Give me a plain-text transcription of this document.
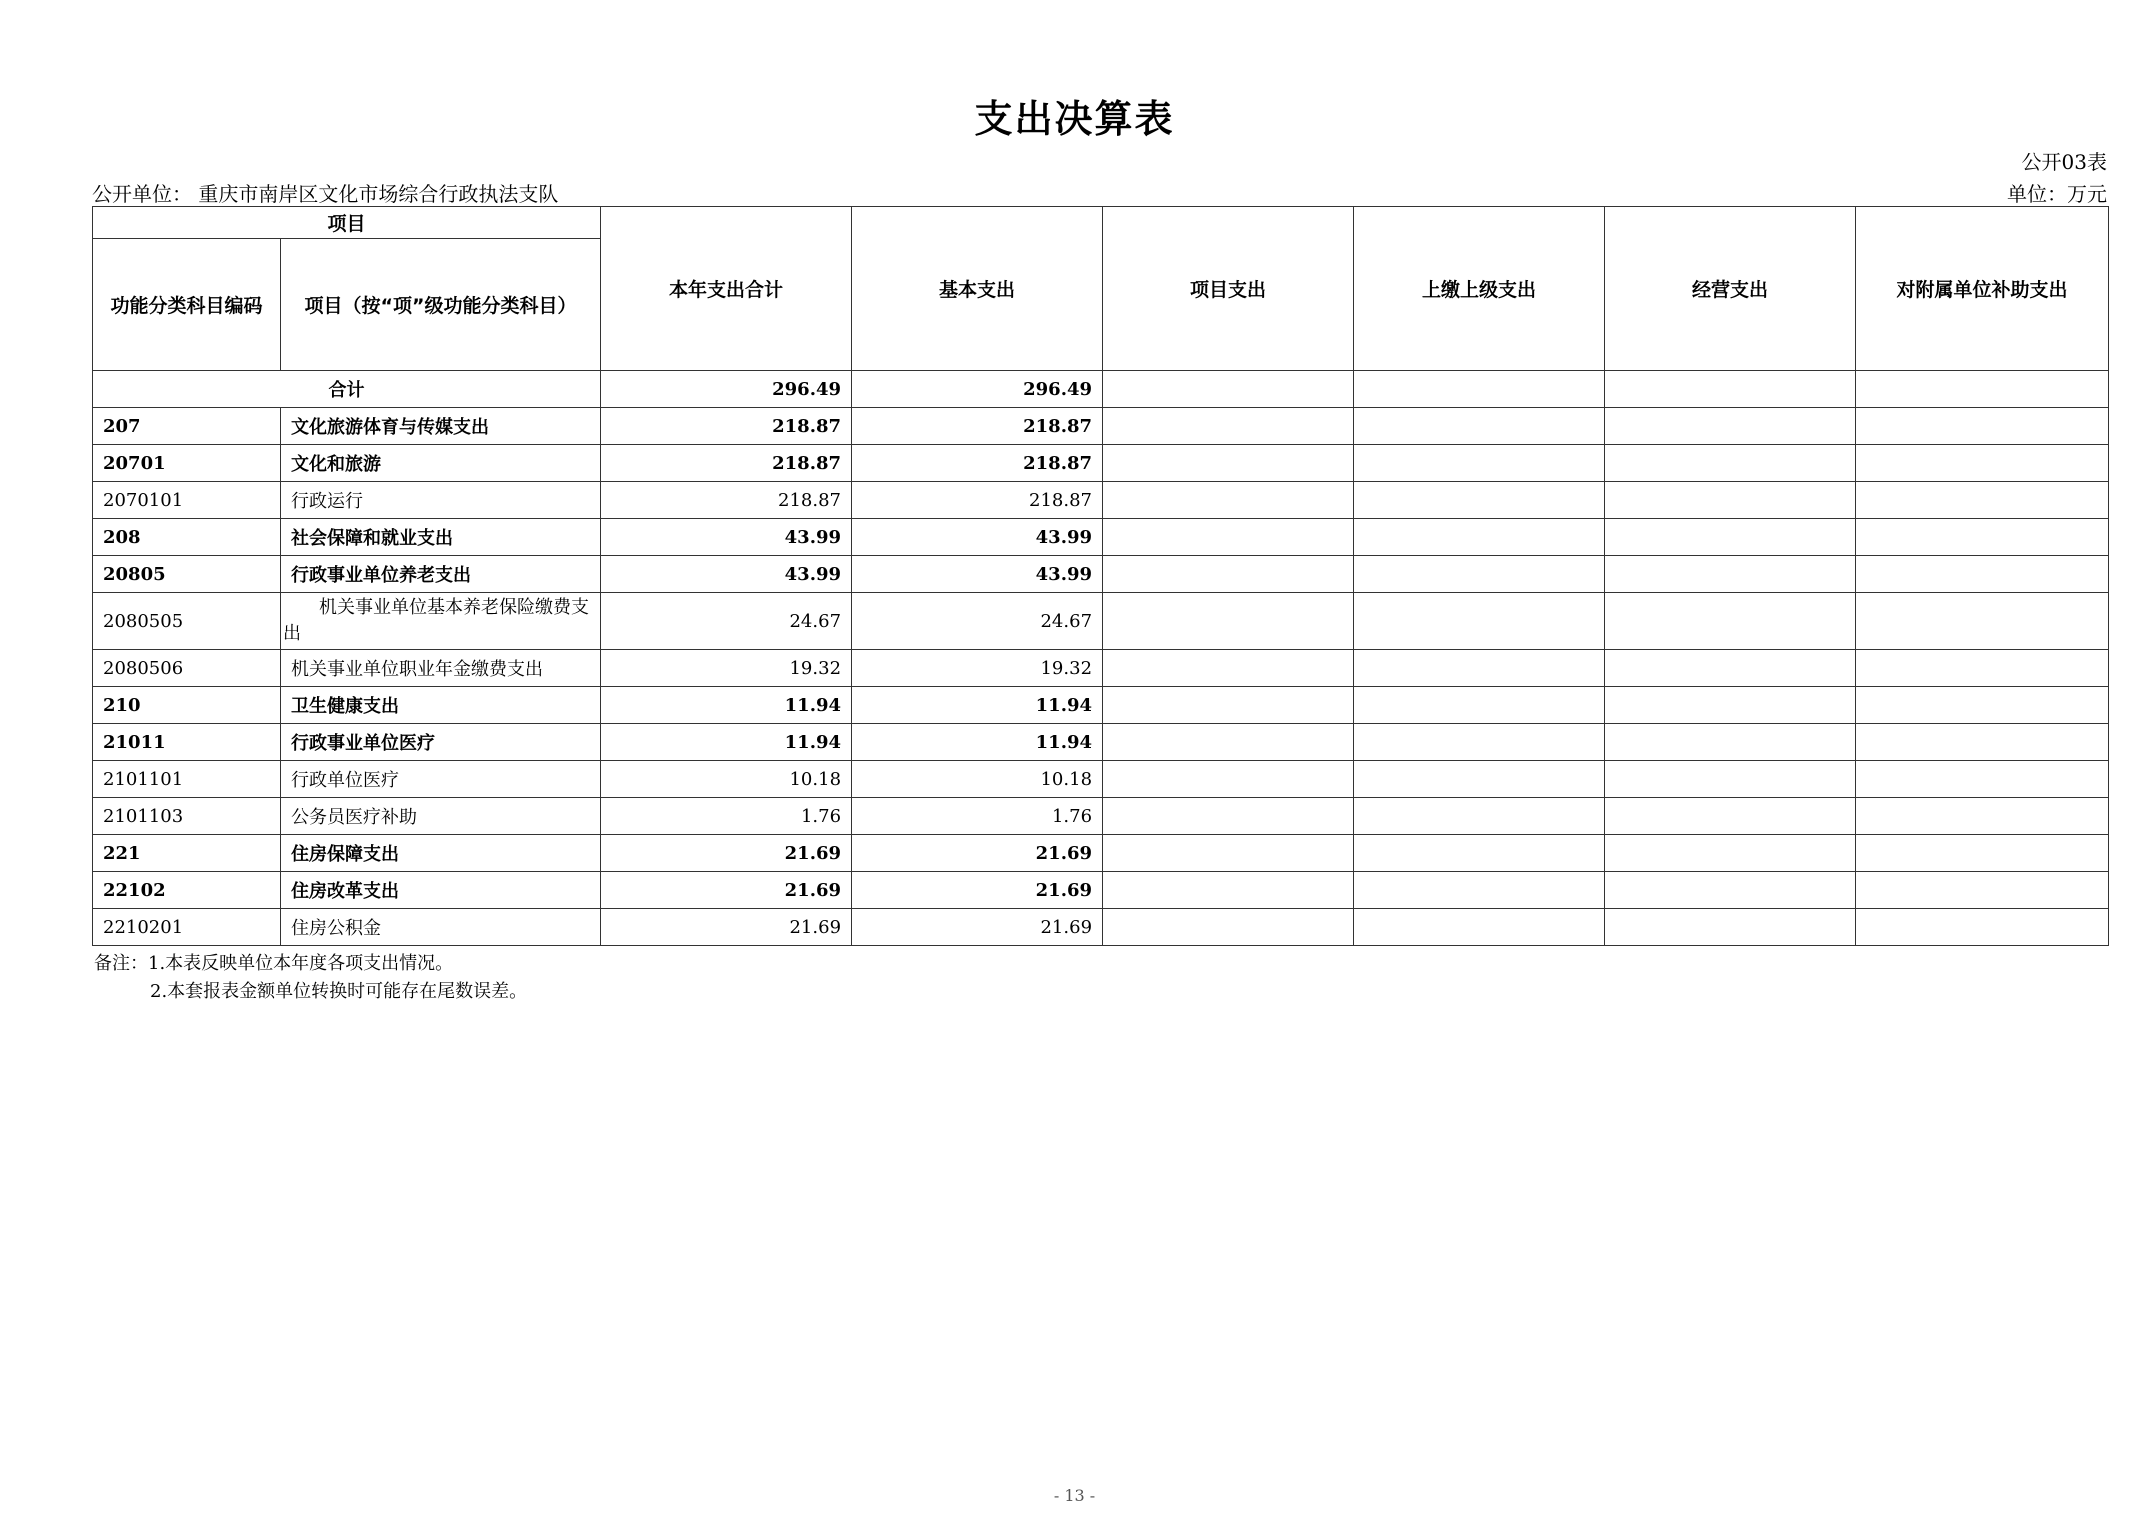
支出决算表
公开03表
公开单位： 重庆市南岸区文化市场综合行政执法支队	单位：万元
项目		本年支出合计	基本支出	项目支出	上缴上级支出	经营支出	对附属单位补助支出
功能分类科目编码	项目（按“项”级功能分类科目）						
合计		296.49	296.49				
207	文化旅游体育与传媒支出	218.87	218.87				
20701	文化和旅游	218.87	218.87				
2070101	行政运行	218.87	218.87				
208	社会保障和就业支出	43.99	43.99				
20805	行政事业单位养老支出	43.99	43.99				
2080505	机关事业单位基本养老保险缴费支出	24.67	24.67				
2080506	机关事业单位职业年金缴费支出	19.32	19.32				
210	卫生健康支出	11.94	11.94				
21011	行政事业单位医疗	11.94	11.94				
2101101	行政单位医疗	10.18	10.18				
2101103	公务员医疗补助	1.76	1.76				
221	住房保障支出	21.69	21.69				
22102	住房改革支出	21.69	21.69				
2210201	住房公积金	21.69	21.69				
备注：1.本表反映单位本年度各项支出情况。
2.本套报表金额单位转换时可能存在尾数误差。
- 13 -
